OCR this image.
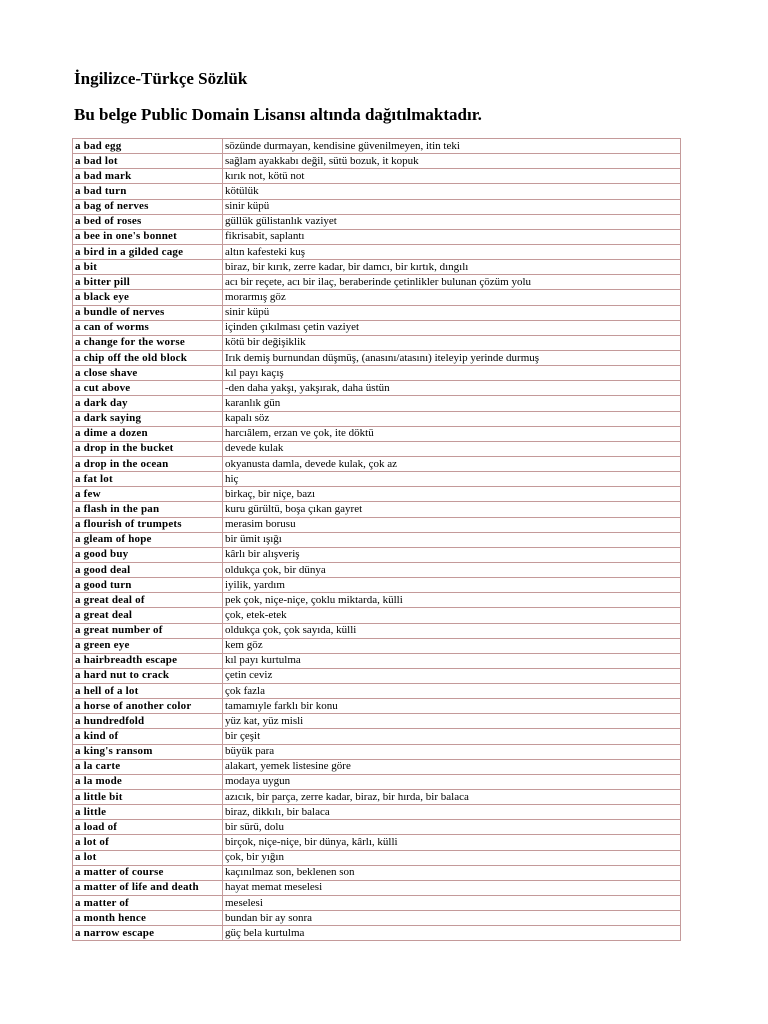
İngilizce-Türkçe Sözlük
Bu belge Public Domain Lisansı altında dağıtılmaktadır.
a bad egg	sözünde durmayan, kendisine güvenilmeyen, itin teki
a bad lot	sağlam ayakkabı değil, sütü bozuk, it kopuk
a bad mark	kırık not, kötü not
a bad turn	kötülük
a bag of nerves	sinir küpü
a bed of roses	güllük gülistanlık vaziyet
a bee in one's bonnet	fikrisabit, saplantı
a bird in a gilded cage	altın kafesteki kuş
a bit	biraz, bir kırık, zerre kadar, bir damcı, bir kırtık, dıngılı
a bitter pill	acı bir reçete, acı bir ilaç, beraberinde çetinlikler bulunan çözüm yolu
a black eye	morarmış göz
a bundle of nerves	sinir küpü
a can of worms	içinden çıkılması çetin vaziyet
a change for the worse	kötü bir değişiklik
a chip off the old block	Irık demiş burnundan düşmüş, (anasını/atasını) iteleyip yerinde durmuş
a close shave	kıl payı kaçış
a cut above	-den daha yakşı, yakşırak, daha üstün
a dark day	karanlık gün
a dark saying	kapalı söz
a dime a dozen	harcıâlem, erzan ve çok, ite döktü
a drop in the bucket	devede kulak
a drop in the ocean	okyanusta damla, devede kulak, çok az
a fat lot	hiç
a few	birkaç, bir niçe, bazı
a flash in the pan	kuru gürültü, boşa çıkan gayret
a flourish of trumpets	merasim borusu
a gleam of hope	bir ümit ışığı
a good buy	kârlı bir alışveriş
a good deal	oldukça çok, bir dünya
a good turn	iyilik, yardım
a great deal of	pek çok, niçe-niçe, çoklu miktarda, külli
a great deal	çok, etek-etek
a great number of	oldukça çok, çok sayıda, külli
a green eye	kem göz
a hairbreadth escape	kıl payı kurtulma
a hard nut to crack	çetin ceviz
a hell of a lot	çok fazla
a horse of another color	tamamıyle farklı bir konu
a hundredfold	yüz kat, yüz misli
a kind of	bir çeşit
a king's ransom	büyük para
a la carte	alakart, yemek listesine göre
a la mode	modaya uygun
a little bit	azıcık, bir parça, zerre kadar, biraz, bir hırda, bir balaca
a little	biraz, dikkılı, bir balaca
a load of	bir sürü, dolu
a lot of	birçok, niçe-niçe, bir dünya, kârlı, külli
a lot	çok, bir yığın
a matter of course	kaçınılmaz son, beklenen son
a matter of life and death	hayat memat meselesi
a matter of	meselesi
a month hence	bundan bir ay sonra
a narrow escape	güç bela kurtulma
